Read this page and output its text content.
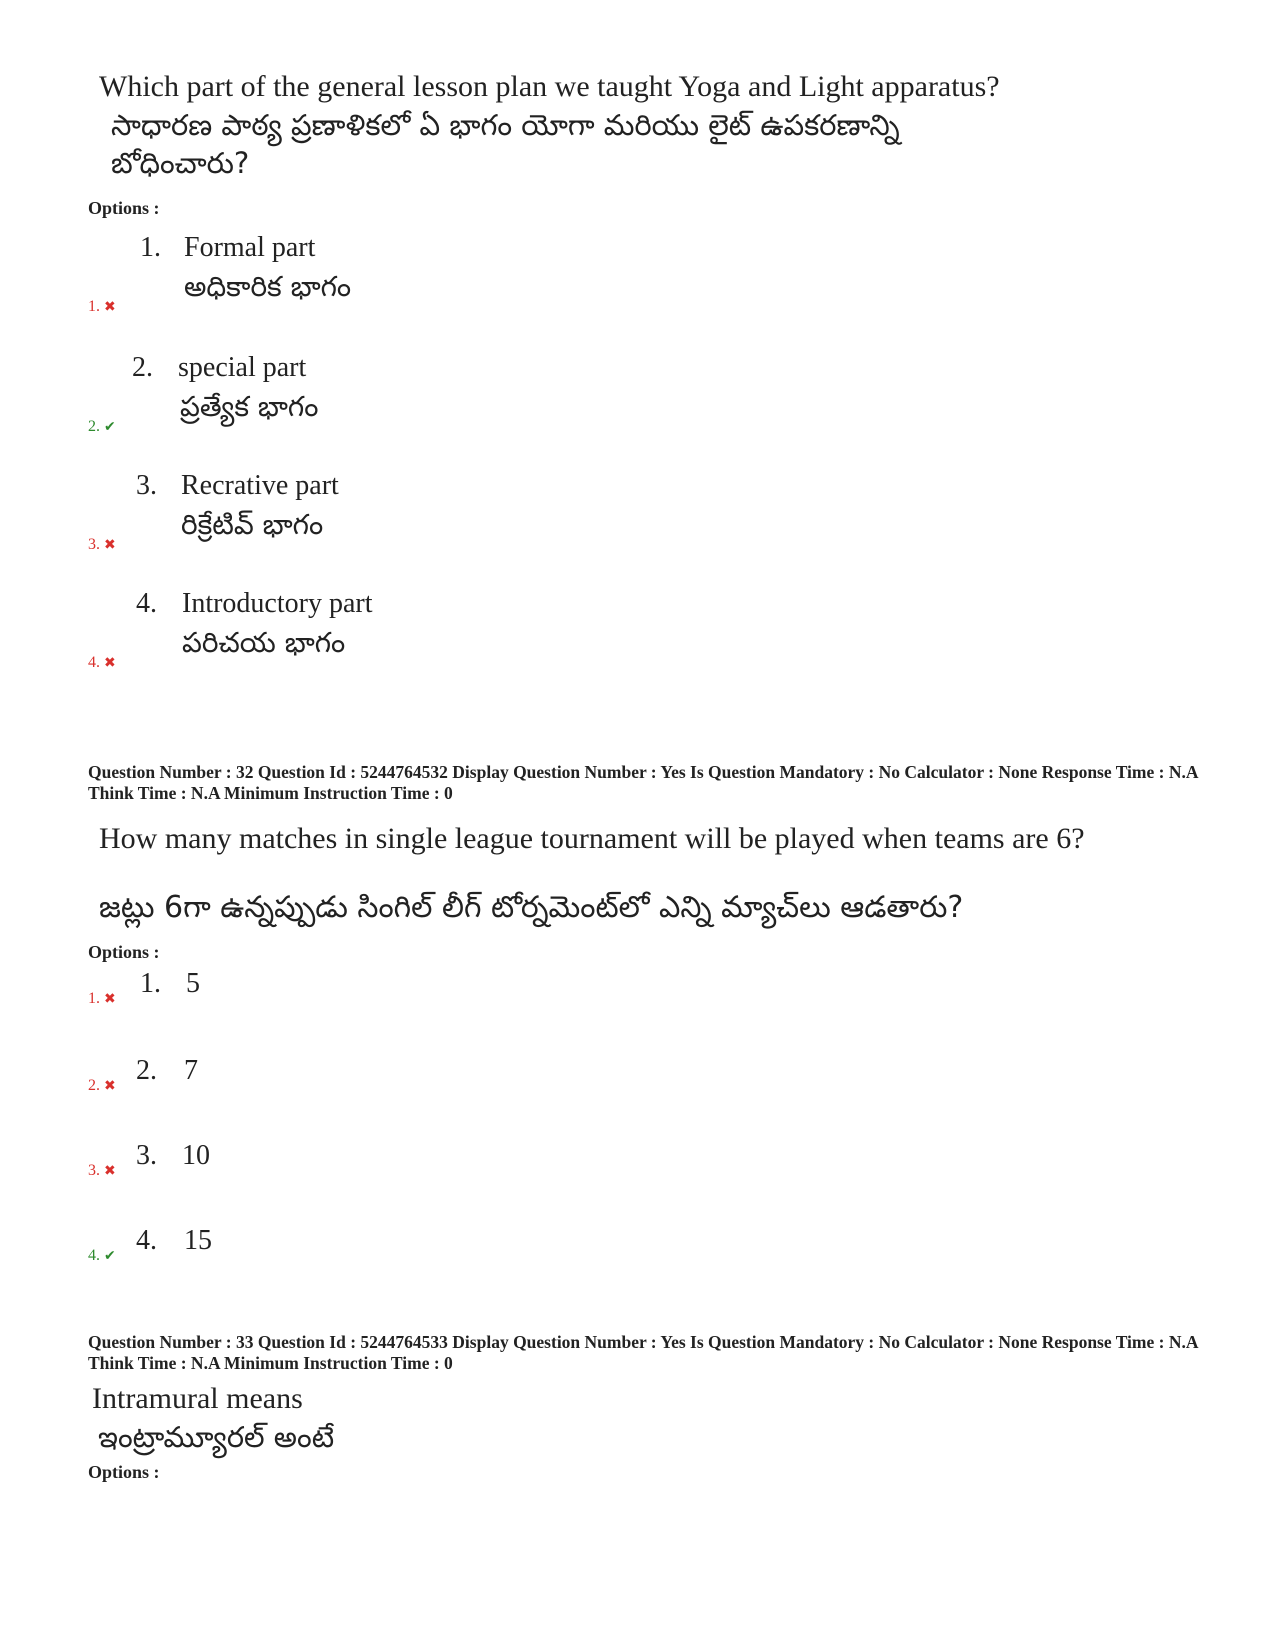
Which part of the general lesson plan we taught Yoga and Light apparatus?
సాధారణ పాఠ్య ప్రణాళికలో ఏ భాగం యోగా మరియు లైట్ ఉపకరణాన్ని
బోధించారు?
Options :
1. Formal part
అధికారిక భాగం
1. ✖
2. special part
ప్రత్యేక భాగం
2. ✔
3. Recrative part
రిక్రేటివ్ భాగం
3. ✖
4. Introductory part
పరిచయ భాగం
4. ✖
Question Number : 32 Question Id : 5244764532 Display Question Number : Yes Is Question Mandatory : No Calculator : None Response Time : N.A Think Time : N.A Minimum Instruction Time : 0
How many matches in single league tournament will be played when teams are 6?
జట్లు 6గా ఉన్నప్పుడు సింగిల్ లీగ్ టోర్నమెంట్‌లో ఎన్ని మ్యాచ్‌లు ఆడతారు?
Options :
1. 5
1. ✖
2. 7
2. ✖
3. 10
3. ✖
4. 15
4. ✔
Question Number : 33 Question Id : 5244764533 Display Question Number : Yes Is Question Mandatory : No Calculator : None Response Time : N.A Think Time : N.A Minimum Instruction Time : 0
Intramural means
ఇంట్రామ్యూరల్ అంటే
Options :
